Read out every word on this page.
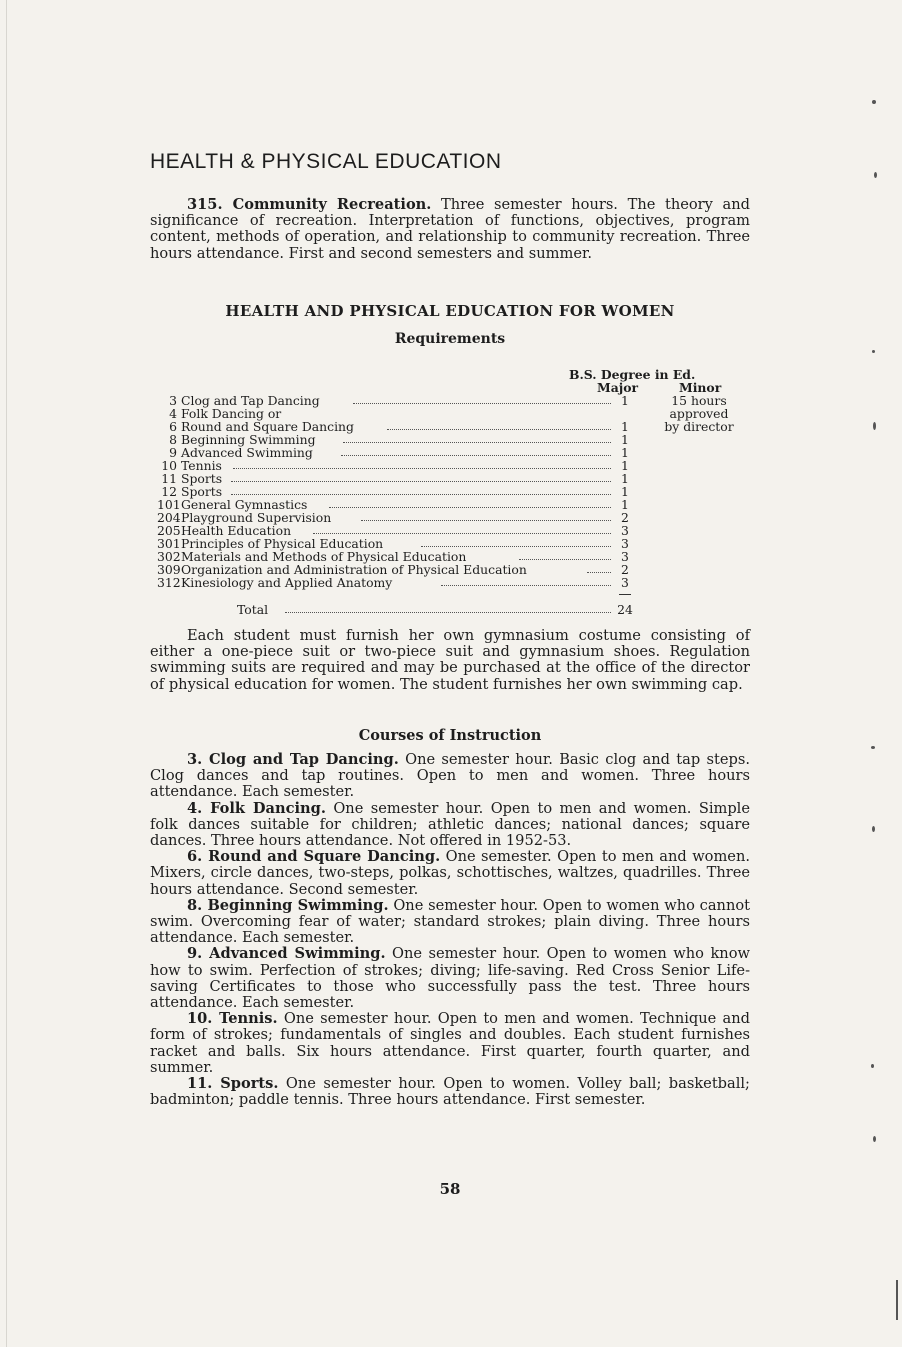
HEALTH & PHYSICAL EDUCATION

315. Community Recreation. Three semester hours. The theory and significance of recreation. Interpretation of functions, objectives, program content, methods of operation, and relationship to community recreation. Three hours attendance. First and second semesters and summer.

HEALTH AND PHYSICAL EDUCATION FOR WOMEN
Requirements
B.S. Degree in Ed.
Major	Minor
15 hours
approved
by director
3 Clog and Tap Dancing	1
4 Folk Dancing or
6 Round and Square Dancing	1
8 Beginning Swimming	1
9 Advanced Swimming	1
10 Tennis	1
11 Sports	1
12 Sports	1
101 General Gymnastics	1
204 Playground Supervision	2
205 Health Education	3
301 Principles of Physical Education	3
302 Materials and Methods of Physical Education	3
309 Organization and Administration of Physical Education	2
312 Kinesiology and Applied Anatomy	3
Total	24

Each student must furnish her own gymnasium costume consisting of either a one-piece suit or two-piece suit and gymnasium shoes. Regulation swimming suits are required and may be purchased at the office of the director of physical education for women. The student furnishes her own swimming cap.

Courses of Instruction

3. Clog and Tap Dancing. One semester hour. Basic clog and tap steps. Clog dances and tap routines. Open to men and women. Three hours attendance. Each semester.

4. Folk Dancing. One semester hour. Open to men and women. Simple folk dances suitable for children; athletic dances; national dances; square dances. Three hours attendance. Not offered in 1952-53.

6. Round and Square Dancing. One semester. Open to men and women. Mixers, circle dances, two-steps, polkas, schottisches, waltzes, quadrilles. Three hours attendance. Second semester.

8. Beginning Swimming. One semester hour. Open to women who cannot swim. Overcoming fear of water; standard strokes; plain diving. Three hours attendance. Each semester.

9. Advanced Swimming. One semester hour. Open to women who know how to swim. Perfection of strokes; diving; life-saving. Red Cross Senior Life-saving Certificates to those who successfully pass the test. Three hours attendance. Each semester.

10. Tennis. One semester hour. Open to men and women. Technique and form of strokes; fundamentals of singles and doubles. Each student furnishes racket and balls. Six hours attendance. First quarter, fourth quarter, and summer.

11. Sports. One semester hour. Open to women. Volley ball; basketball; badminton; paddle tennis. Three hours attendance. First semester.

58
